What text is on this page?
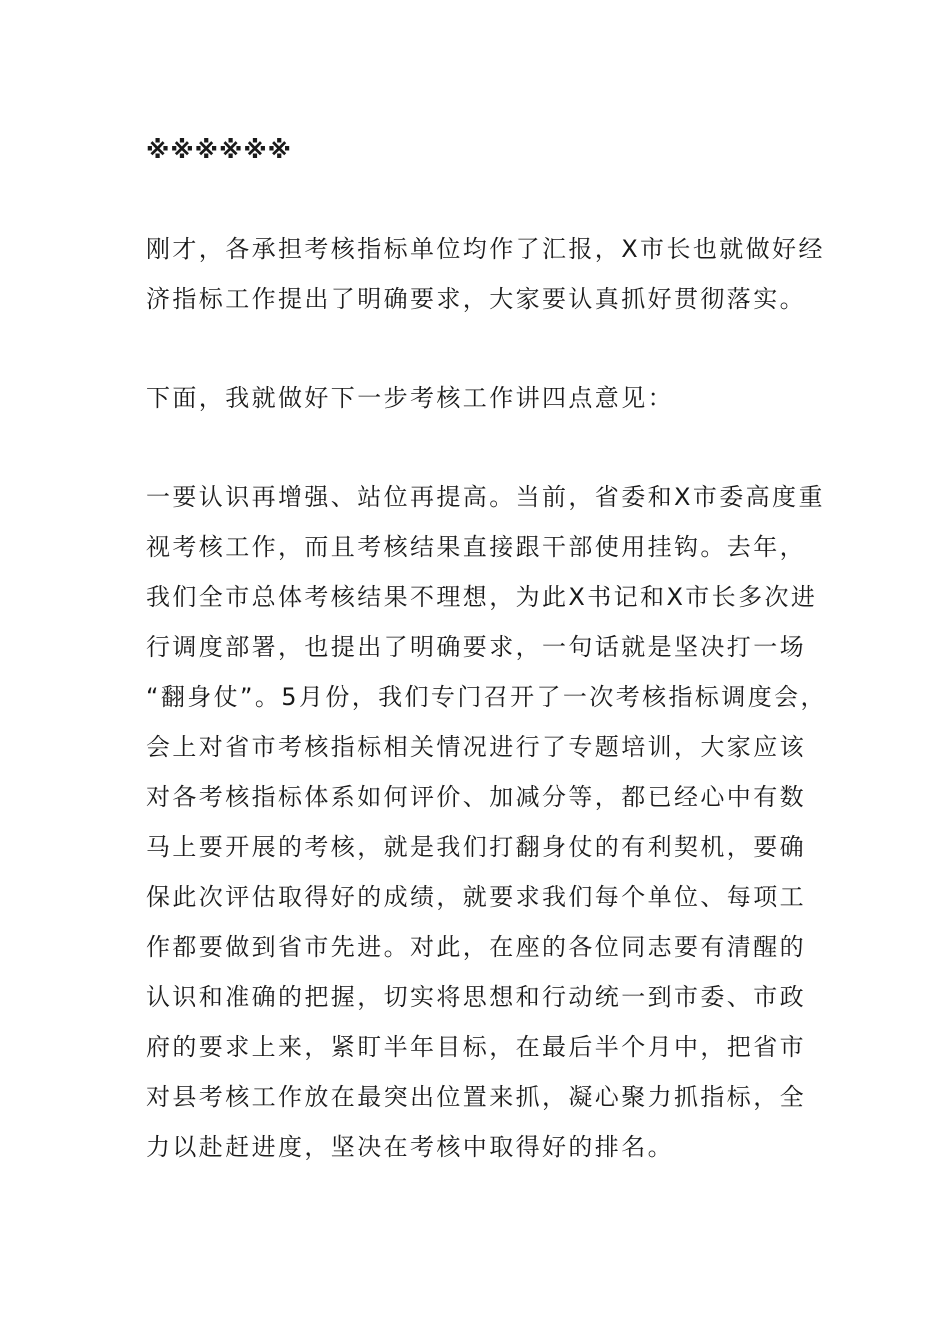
※※※※※※
刚才，各承担考核指标单位均作了汇报，X市长也就做好经
济指标工作提出了明确要求，大家要认真抓好贯彻落实。
下面，我就做好下一步考核工作讲四点意见：
一要认识再增强、站位再提高。当前，省委和X市委高度重
视考核工作，而且考核结果直接跟干部使用挂钩。去年，
我们全市总体考核结果不理想，为此X书记和X市长多次进
行调度部署，也提出了明确要求，一句话就是坚决打一场
“翻身仗”。5月份，我们专门召开了一次考核指标调度会，
会上对省市考核指标相关情况进行了专题培训，大家应该
对各考核指标体系如何评价、加减分等，都已经心中有数
马上要开展的考核，就是我们打翻身仗的有利契机，要确
保此次评估取得好的成绩，就要求我们每个单位、每项工
作都要做到省市先进。对此，在座的各位同志要有清醒的
认识和准确的把握，切实将思想和行动统一到市委、市政
府的要求上来，紧盯半年目标，在最后半个月中，把省市
对县考核工作放在最突出位置来抓，凝心聚力抓指标，全
力以赴赶进度，坚决在考核中取得好的排名。
